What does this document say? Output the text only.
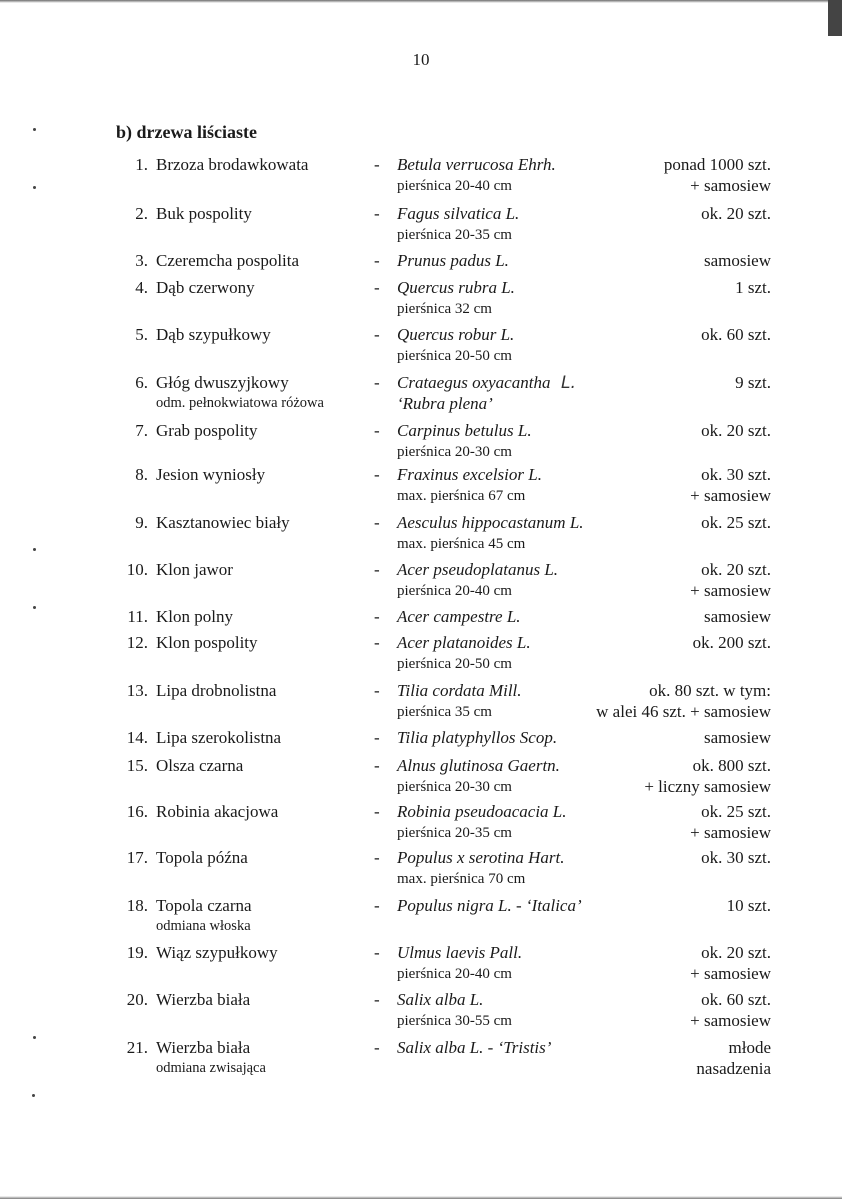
10
b) drzewa liściaste
1. Brzoza brodawkowata	- Betula verrucosa Ehrh.
pierśnica 20-40 cm
ponad 1000 szt.
+ samosiew
2. Buk pospolity	- Fagus silvatica L.
pierśnica 20-35 cm
ok. 20 szt.
3. Czeremcha pospolita	- Prunus padus L.	samosiew
4. Dąb czerwony	- Quercus rubra L.
pierśnica 32 cm
1 szt.
5. Dąb szypułkowy	- Quercus robur L.
pierśnica 20-50 cm
ok. 60 szt.
6. Głóg dwuszyjkowy
odm. pełnokwiatowa różowa
- Crataegus oxyacantha L.
‘Rubra plena’
9 szt.
7. Grab pospolity	- Carpinus betulus L.
pierśnica 20-30 cm
ok. 20 szt.
8. Jesion wyniosły	- Fraxinus excelsior L.
max. pierśnica 67 cm
ok. 30 szt.
+ samosiew
9. Kasztanowiec biały	- Aesculus hippocastanum L.
max. pierśnica 45 cm
ok. 25 szt.
10. Klon jawor	- Acer pseudoplatanus L.
pierśnica 20-40 cm
ok. 20 szt.
+ samosiew
11. Klon polny	- Acer campestre L.	samosiew
12. Klon pospolity	- Acer platanoides L.
pierśnica 20-50 cm
ok. 200 szt.
13. Lipa drobnolistna	- Tilia cordata Mill.
pierśnica 35 cm
ok. 80 szt. w tym:
w alei 46 szt. + samosiew
14. Lipa szerokolistna	- Tilia platyphyllos Scop.	samosiew
15. Olsza czarna	- Alnus glutinosa Gaertn.
pierśnica 20-30 cm
ok. 800 szt.
+ liczny samosiew
16. Robinia akacjowa	- Robinia pseudoacacia L.
pierśnica 20-35 cm
ok. 25 szt.
+ samosiew
17. Topola późna	- Populus x serotina Hart.
max. pierśnica 70 cm
ok. 30 szt.
18. Topola czarna
odmiana włoska
- Populus nigra L. - ‘Italica’	10 szt.
19. Wiąz szypułkowy	- Ulmus laevis Pall.
pierśnica 20-40 cm
ok. 20 szt.
+ samosiew
20. Wierzba biała	- Salix alba L.
pierśnica 30-55 cm
ok. 60 szt.
+ samosiew
21. Wierzba biała
odmiana zwisająca
- Salix alba L. - ‘Tristis’	młode
nasadzenia
